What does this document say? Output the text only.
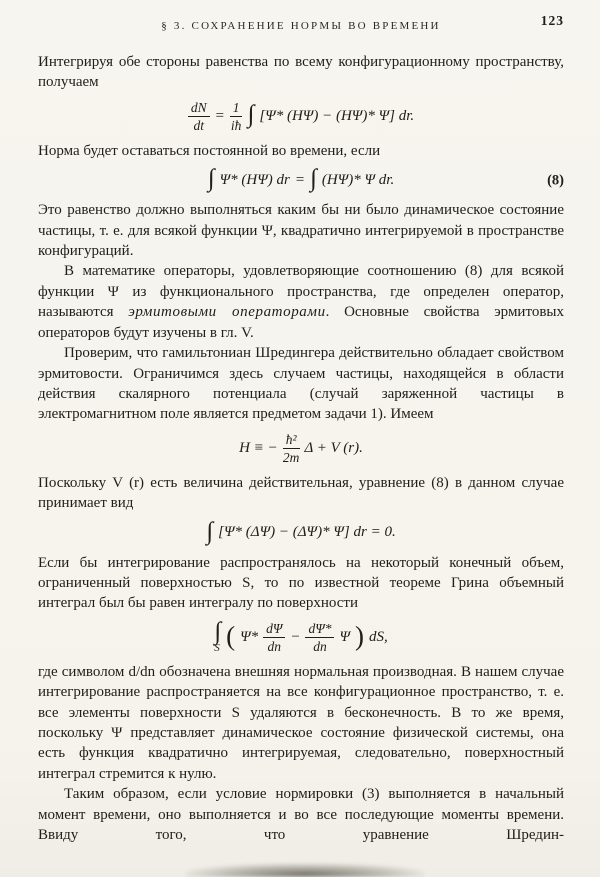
§ 3. СОХРАНЕНИЕ НОРМЫ ВО ВРЕМЕНИ	123

Интегрируя обе стороны равенства по всему конфигурационному пространству, получаем

$\frac{dN}{dt} = \frac{1}{iħ}$ ∫ [Ψ* (HΨ) − (HΨ)* Ψ] dr.

Норма будет оставаться постоянной во времени, если

∫ Ψ* (HΨ) dr = ∫ (HΨ)* Ψ dr.	(8)

Это равенство должно выполняться каким бы ни было динамическое состояние частицы, т. е. для всякой функции Ψ, квадратично интегрируемой в пространстве конфигураций.

В математике операторы, удовлетворяющие соотношению (8) для всякой функции Ψ из функционального пространства, где определен оператор, называются эрмитовыми операторами. Основные свойства эрмитовых операторов будут изучены в гл. V.

Проверим, что гамильтониан Шредингера действительно обладает свойством эрмитовости. Ограничимся здесь случаем частицы, находящейся в области действия скалярного потенциала (случай заряженной частицы в электромагнитном поле является предметом задачи 1). Имеем

H ≡ − $\frac{\text{ħ²}}{2m}$ Δ + V (r).

Поскольку V (r) есть величина действительная, уравнение (8) в данном случае принимает вид

∫ [Ψ* (ΔΨ) − (ΔΨ)* Ψ] dr = 0.

Если бы интегрирование распространялось на некоторый конечный объем, ограниченный поверхностью S, то по известной теореме Грина объемный интеграл был бы равен интегралу по поверхности

∫
S ( $\Psi* \frac{d\Psi}{dn} - \frac{d\Psi*}{dn}$ Ψ ) dS,

где символом d/dn обозначена внешняя нормальная производная. В нашем случае интегрирование распространяется на все конфигурационное пространство, т. е. все элементы поверхности S удаляются в бесконечность. В то же время, поскольку Ψ представляет динамическое состояние физической системы, она есть функция квадратично интегрируемая, следовательно, поверхностный интеграл стремится к нулю.

Таким образом, если условие нормировки (3) выполняется в начальный момент времени, оно выполняется и во все последующие моменты времени. Ввиду того, что уравнение Шредин-
